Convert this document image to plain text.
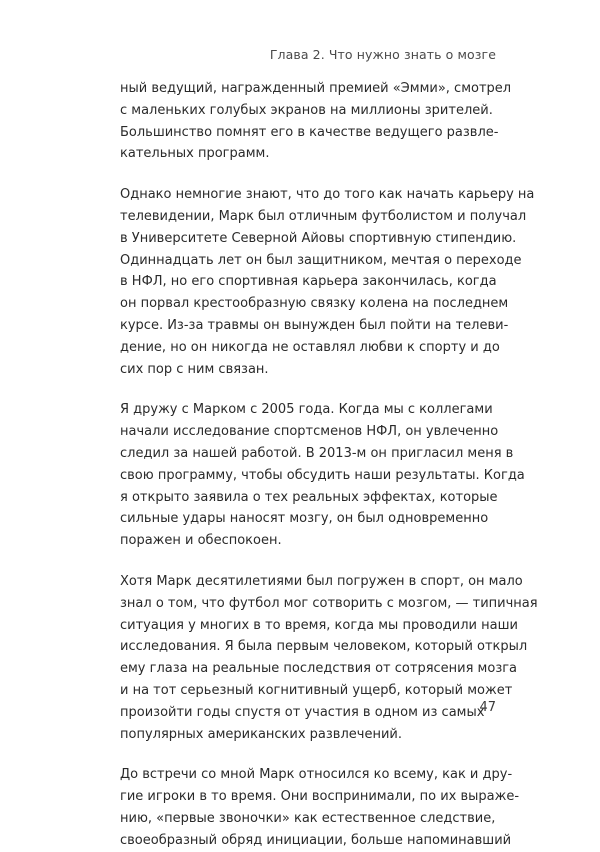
Глава 2. Что нужно знать о мозге

ный ведущий, награжденный премией «Эмми», смотрел
с маленьких голубых экранов на миллионы зрителей.
Большинство помнят его в качестве ведущего развле-
кательных программ.

Однако немногие знают, что до того как начать карьеру на
телевидении, Марк был отличным футболистом и получал
в Университете Северной Айовы спортивную стипендию.
Одиннадцать лет он был защитником, мечтая о переходе
в НФЛ, но его спортивная карьера закончилась, когда
он порвал крестообразную связку колена на последнем
курсе. Из-за травмы он вынужден был пойти на телеви-
дение, но он никогда не оставлял любви к спорту и до
сих пор с ним связан.

Я дружу с Марком с 2005 года. Когда мы с коллегами
начали исследование спортсменов НФЛ, он увлеченно
следил за нашей работой. В 2013-м он пригласил меня в
свою программу, чтобы обсудить наши результаты. Когда
я открыто заявила о тех реальных эффектах, которые
сильные удары наносят мозгу, он был одновременно
поражен и обеспокоен.

Хотя Марк десятилетиями был погружен в спорт, он мало
знал о том, что футбол мог сотворить с мозгом, — типичная
ситуация у многих в то время, когда мы проводили наши
исследования. Я была первым человеком, который открыл
ему глаза на реальные последствия от сотрясения мозга
и на тот серьезный когнитивный ущерб, который может
произойти годы спустя от участия в одном из самых
популярных американских развлечений.

До встречи со мной Марк относился ко всему, как и дру-
гие игроки в то время. Они воспринимали, по их выраже-
нию, «первые звоночки» как естественное следствие,
своеобразный обряд инициации, больше напоминавший

47
